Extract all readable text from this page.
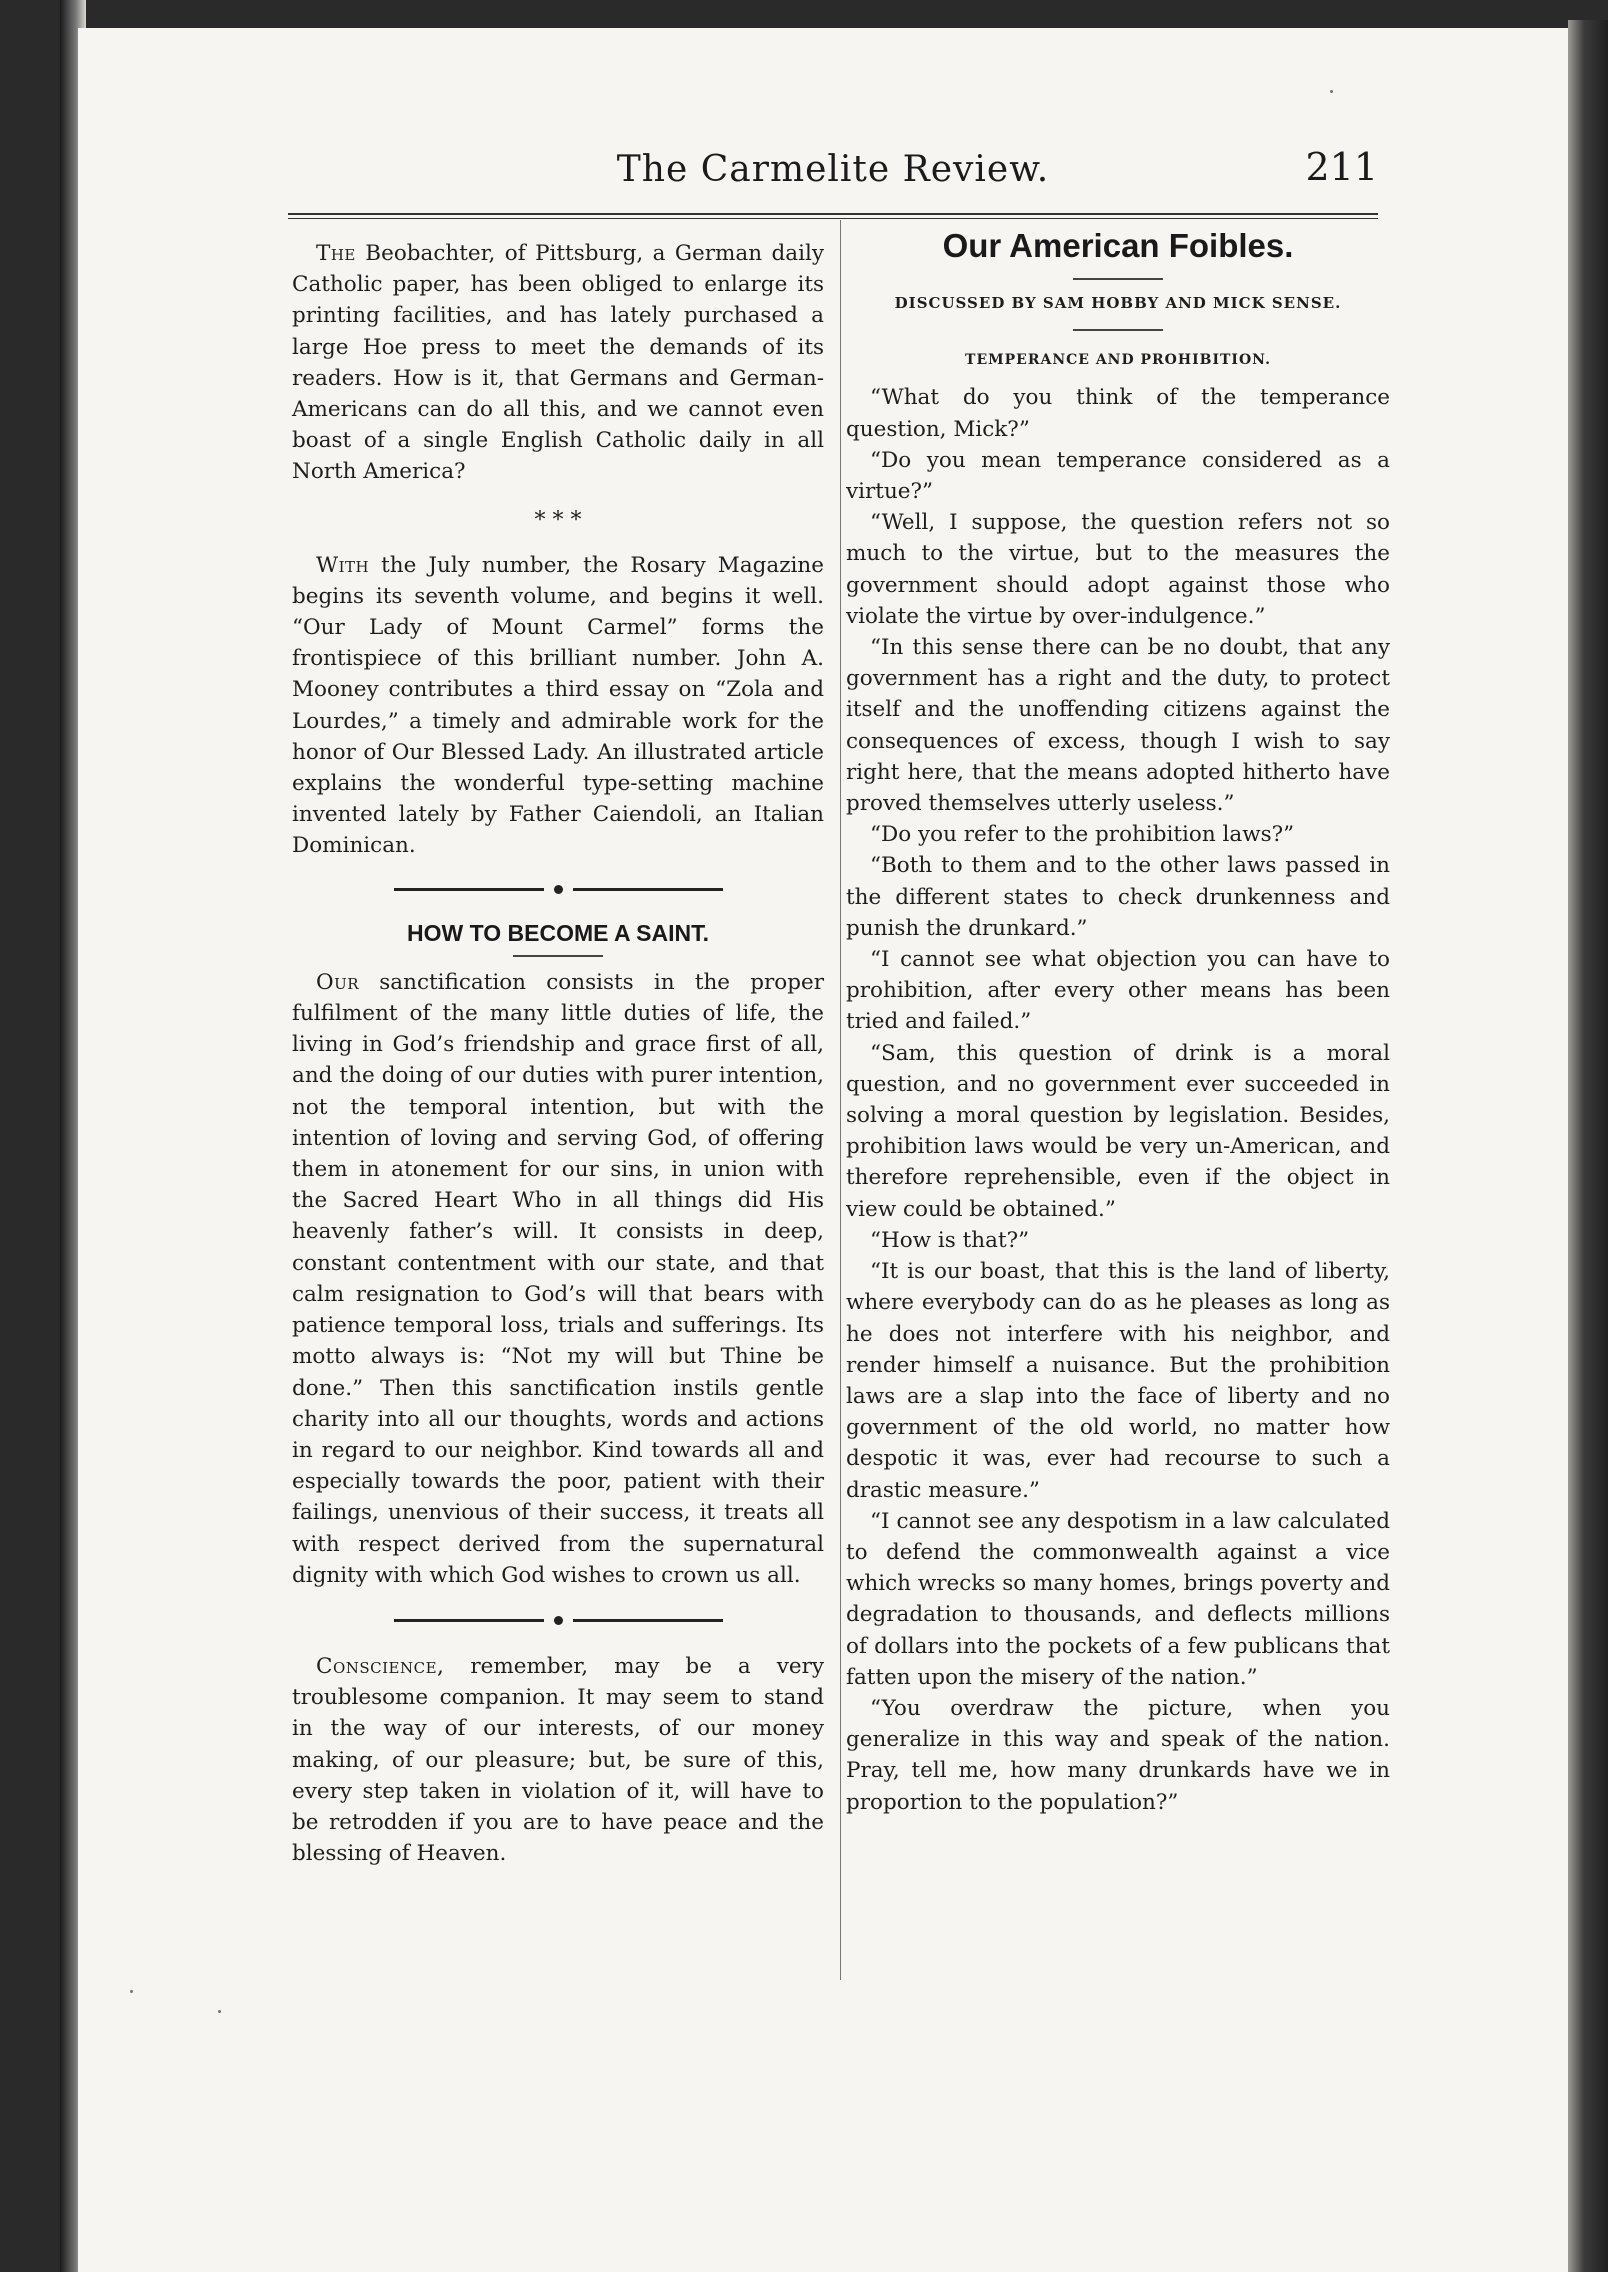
The Carmelite Review.	211

The Beobachter, of Pittsburg, a German daily Catholic paper, has been obliged to enlarge its printing facilities, and has lately purchased a large Hoe press to meet the demands of its readers. How is it, that Germans and German-Americans can do all this, and we cannot even boast of a single English Catholic daily in all North America?

* * *

With the July number, the Rosary Magazine begins its seventh volume, and begins it well. “Our Lady of Mount Carmel” forms the frontispiece of this brilliant number. John A. Mooney contributes a third essay on “Zola and Lourdes,” a timely and admirable work for the honor of Our Blessed Lady. An illustrated article explains the wonderful type-setting machine invented lately by Father Caiendoli, an Italian Dominican.

HOW TO BECOME A SAINT.

Our sanctification consists in the proper fulfilment of the many little duties of life, the living in God’s friendship and grace first of all, and the doing of our duties with purer intention, not the temporal intention, but with the intention of loving and serving God, of offering them in atonement for our sins, in union with the Sacred Heart Who in all things did His heavenly father’s will. It consists in deep, constant contentment with our state, and that calm resignation to God’s will that bears with patience temporal loss, trials and sufferings. Its motto always is: “Not my will but Thine be done.” Then this sanctification instils gentle charity into all our thoughts, words and actions in regard to our neighbor. Kind towards all and especially towards the poor, patient with their failings, unenvious of their success, it treats all with respect derived from the supernatural dignity with which God wishes to crown us all.

Conscience, remember, may be a very troublesome companion. It may seem to stand in the way of our interests, of our money making, of our pleasure; but, be sure of this, every step taken in violation of it, will have to be retrodden if you are to have peace and the blessing of Heaven.

Our American Foibles.
DISCUSSED BY SAM HOBBY AND MICK SENSE.
TEMPERANCE AND PROHIBITION.

“What do you think of the temperance question, Mick?”

“Do you mean temperance considered as a virtue?”

“Well, I suppose, the question refers not so much to the virtue, but to the measures the government should adopt against those who violate the virtue by over-indulgence.”

“In this sense there can be no doubt, that any government has a right and the duty, to protect itself and the unoffending citizens against the consequences of excess, though I wish to say right here, that the means adopted hitherto have proved themselves utterly useless.”

“Do you refer to the prohibition laws?”

“Both to them and to the other laws passed in the different states to check drunkenness and punish the drunkard.”

“I cannot see what objection you can have to prohibition, after every other means has been tried and failed.”

“Sam, this question of drink is a moral question, and no government ever succeeded in solving a moral question by legislation. Besides, prohibition laws would be very un-American, and therefore reprehensible, even if the object in view could be obtained.”

“How is that?”

“It is our boast, that this is the land of liberty, where everybody can do as he pleases as long as he does not interfere with his neighbor, and render himself a nuisance. But the prohibition laws are a slap into the face of liberty and no government of the old world, no matter how despotic it was, ever had recourse to such a drastic measure.”

“I cannot see any despotism in a law calculated to defend the commonwealth against a vice which wrecks so many homes, brings poverty and degradation to thousands, and deflects millions of dollars into the pockets of a few publicans that fatten upon the misery of the nation.”

“You overdraw the picture, when you generalize in this way and speak of the nation. Pray, tell me, how many drunkards have we in proportion to the population?”
